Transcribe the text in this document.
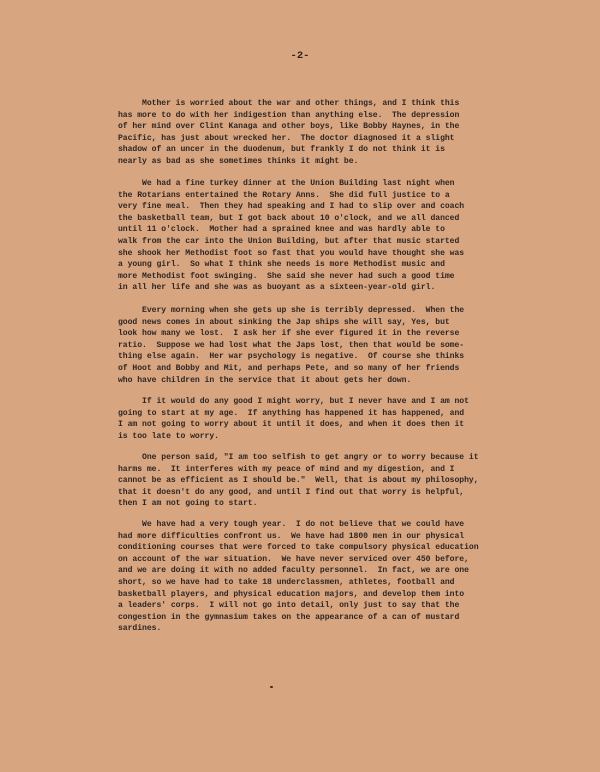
-2-

Mother is worried about the war and other things, and I think this
has more to do with her indigestion than anything else.  The depression
of her mind over Clint Kanaga and other boys, like Bobby Haynes, in the
Pacific, has just about wrecked her.  The doctor diagnosed it a slight
shadow of an uncer in the duodenum, but frankly I do not think it is
nearly as bad as she sometimes thinks it might be.

We had a fine turkey dinner at the Union Building last night when
the Rotarians entertained the Rotary Anns.  She did full justice to a
very fine meal.  Then they had speaking and I had to slip over and coach
the basketball team, but I got back about 10 o'clock, and we all danced
until 11 o'clock.  Mother had a sprained knee and was hardly able to
walk from the car into the Union Building, but after that music started
she shook her Methodist foot so fast that you would have thought she was
a young girl.  So what I think she needs is more Methodist music and
more Methodist foot swinging.  She said she never had such a good time
in all her life and she was as buoyant as a sixteen-year-old girl.

Every morning when she gets up she is terribly depressed.  When the
good news comes in about sinking the Jap ships she will say, Yes, but
look how many we lost.  I ask her if she ever figured it in the reverse
ratio.  Suppose we had lost what the Japs lost, then that would be some-
thing else again.  Her war psychology is negative.  Of course she thinks
of Hoot and Bobby and Mit, and perhaps Pete, and so many of her friends
who have children in the service that it about gets her down.

If it would do any good I might worry, but I never have and I am not
going to start at my age.  If anything has happened it has happened, and
I am not going to worry about it until it does, and when it does then it
is too late to worry.

One person said, "I am too selfish to get angry or to worry because it
harms me.  It interferes with my peace of mind and my digestion, and I
cannot be as efficient as I should be."  Well, that is about my philosophy,
that it doesn't do any good, and until I find out that worry is helpful,
then I am not going to start.

We have had a very tough year.  I do not believe that we could have
had more difficulties confront us.  We have had 1800 men in our physical
conditioning courses that were forced to take compulsory physical education
on account of the war situation.  We have never serviced over 450 before,
and we are doing it with no added faculty personnel.  In fact, we are one
short, so we have had to take 18 underclassmen, athletes, football and
basketball players, and physical education majors, and develop them into
a leaders' corps.  I will not go into detail, only just to say that the
congestion in the gymnasium takes on the appearance of a can of mustard
sardines.
